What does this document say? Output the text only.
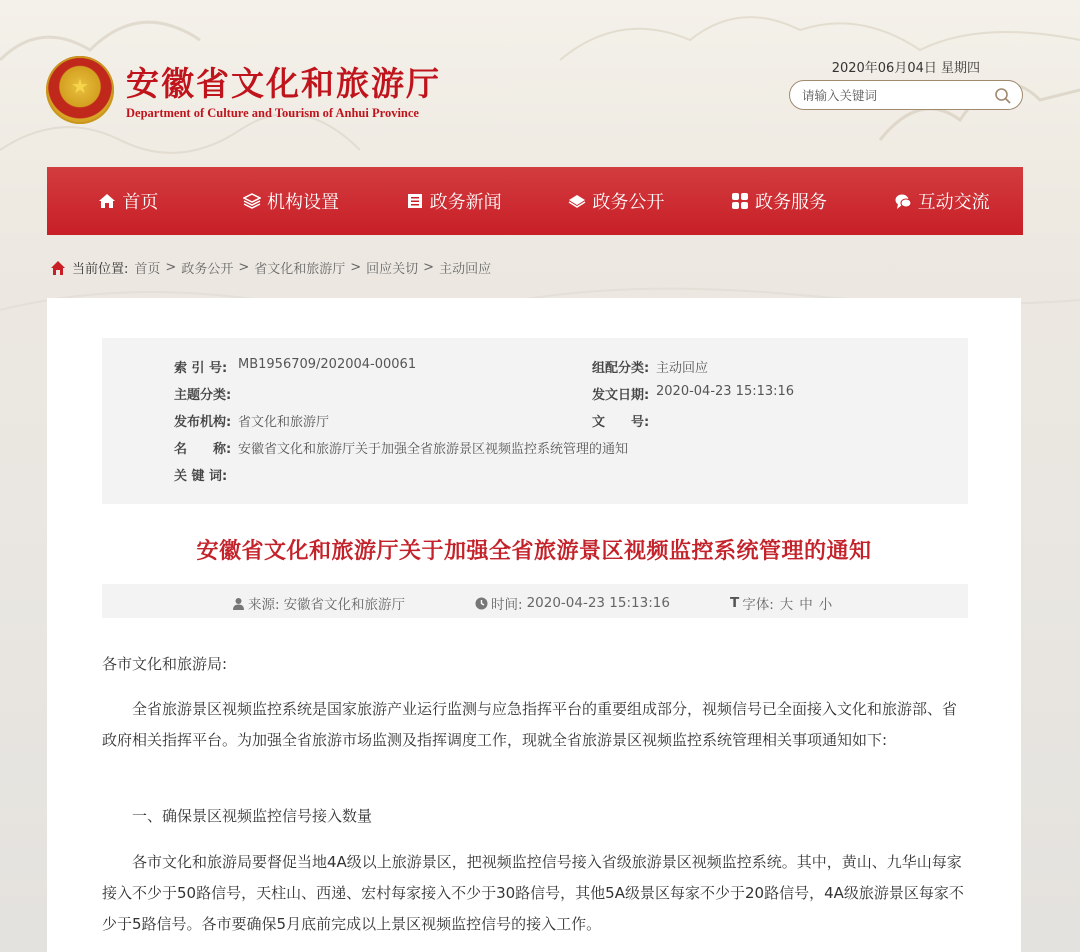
★ 安徽省文化和旅游厅
Department of Culture and Tourism of Anhui Province
2020年06月04日 星期四
请输入关键词
首页	机构设置	政务新闻	政务公开	政务服务	互动交流
当前位置: 首页 > 政务公开 > 省文化和旅游厅 > 回应关切 > 主动回应
索 引 号: MB1956709/202004-00061	组配分类: 主动回应
主题分类:	发文日期: 2020-04-23 15:13:16
发布机构: 省文化和旅游厅	文　　号:
名　　称: 安徽省文化和旅游厅关于加强全省旅游景区视频监控系统管理的通知
关 键 词:
安徽省文化和旅游厅关于加强全省旅游景区视频监控系统管理的通知
来源: 安徽省文化和旅游厅	时间: 2020-04-23 15:13:16	T 字体: 大 中 小

各市文化和旅游局:

全省旅游景区视频监控系统是国家旅游产业运行监测与应急指挥平台的重要组成部分，视频信号已全面接入文化和旅游部、省政府相关指挥平台。为加强全省旅游市场监测及指挥调度工作，现就全省旅游景区视频监控系统管理相关事项通知如下:

一、确保景区视频监控信号接入数量

各市文化和旅游局要督促当地4A级以上旅游景区，把视频监控信号接入省级旅游景区视频监控系统。其中，黄山、九华山每家接入不少于50路信号，天柱山、西递、宏村每家接入不少于30路信号，其他5A级景区每家不少于20路信号，4A级旅游景区每家不少于5路信号。各市要确保5月底前完成以上景区视频监控信号的接入工作。
